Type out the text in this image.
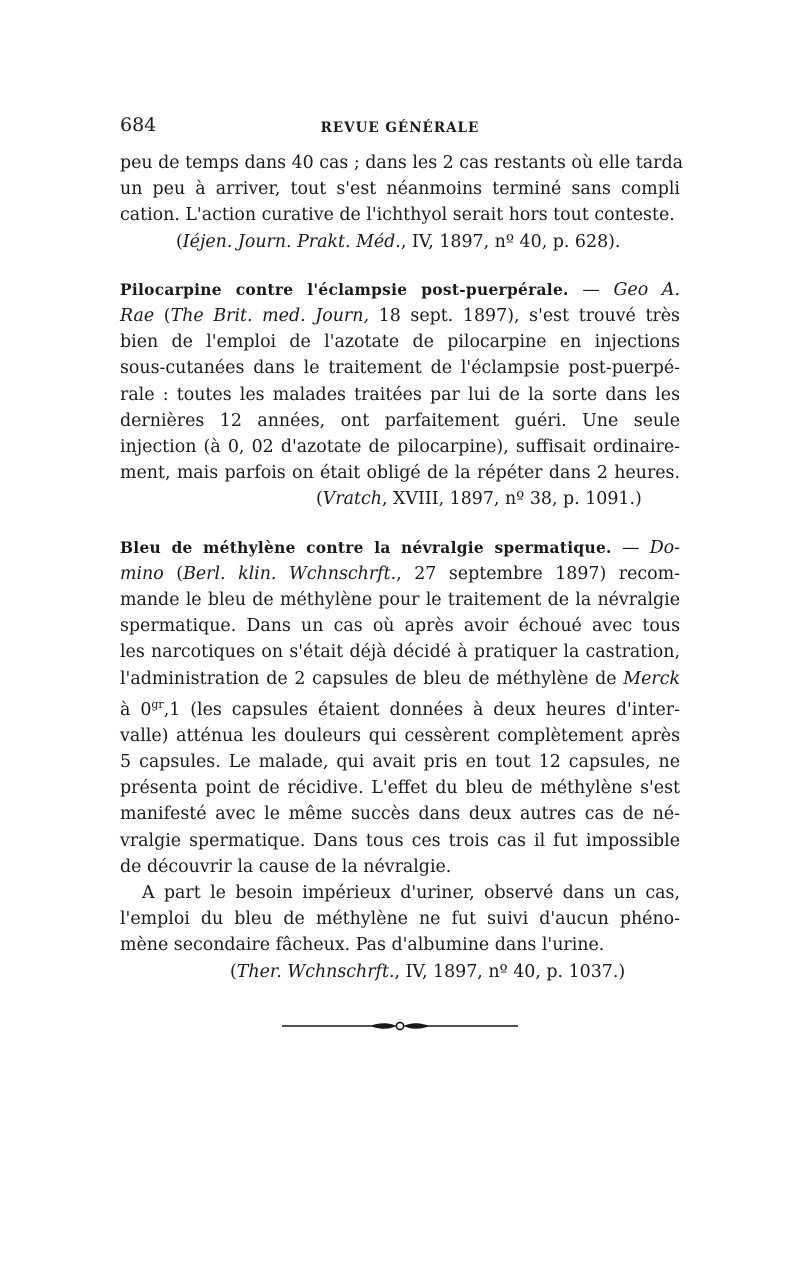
684	REVUE GÉNÉRALE
peu de temps dans 40 cas ; dans les 2 cas restants où elle tarda
un peu à arriver, tout s'est néanmoins terminé sans compli
cation. L'action curative de l'ichthyol serait hors tout conteste.
(Iéjen. Journ. Prakt. Méd., IV, 1897, nº 40, p. 628).
Pilocarpine contre l'éclampsie post-puerpérale. — Geo A.
Rae (The Brit. med. Journ, 18 sept. 1897), s'est trouvé très
bien de l'emploi de l'azotate de pilocarpine en injections
sous-cutanées dans le traitement de l'éclampsie post-puerpé-
rale : toutes les malades traitées par lui de la sorte dans les
dernières 12 années, ont parfaitement guéri. Une seule
injection (à 0, 02 d'azotate de pilocarpine), suffisait ordinaire-
ment, mais parfois on était obligé de la répéter dans 2 heures.
(Vratch, XVIII, 1897, nº 38, p. 1091.)
Bleu de méthylène contre la névralgie spermatique. — Do-
mino (Berl. klin. Wchnschrft., 27 septembre 1897) recom-
mande le bleu de méthylène pour le traitement de la névralgie
spermatique. Dans un cas où après avoir échoué avec tous
les narcotiques on s'était déjà décidé à pratiquer la castration,
l'administration de 2 capsules de bleu de méthylène de Merck
à $0^{gr},1$ (les capsules étaient données à deux heures d'inter-
valle) atténua les douleurs qui cessèrent complètement après
5 capsules. Le malade, qui avait pris en tout 12 capsules, ne
présenta point de récidive. L'effet du bleu de méthylène s'est
manifesté avec le même succès dans deux autres cas de né-
vralgie spermatique. Dans tous ces trois cas il fut impossible
de découvrir la cause de la névralgie.
A part le besoin impérieux d'uriner, observé dans un cas,
l'emploi du bleu de méthylène ne fut suivi d'aucun phéno-
mène secondaire fâcheux. Pas d'albumine dans l'urine.
(Ther. Wchnschrft., IV, 1897, nº 40, p. 1037.)
